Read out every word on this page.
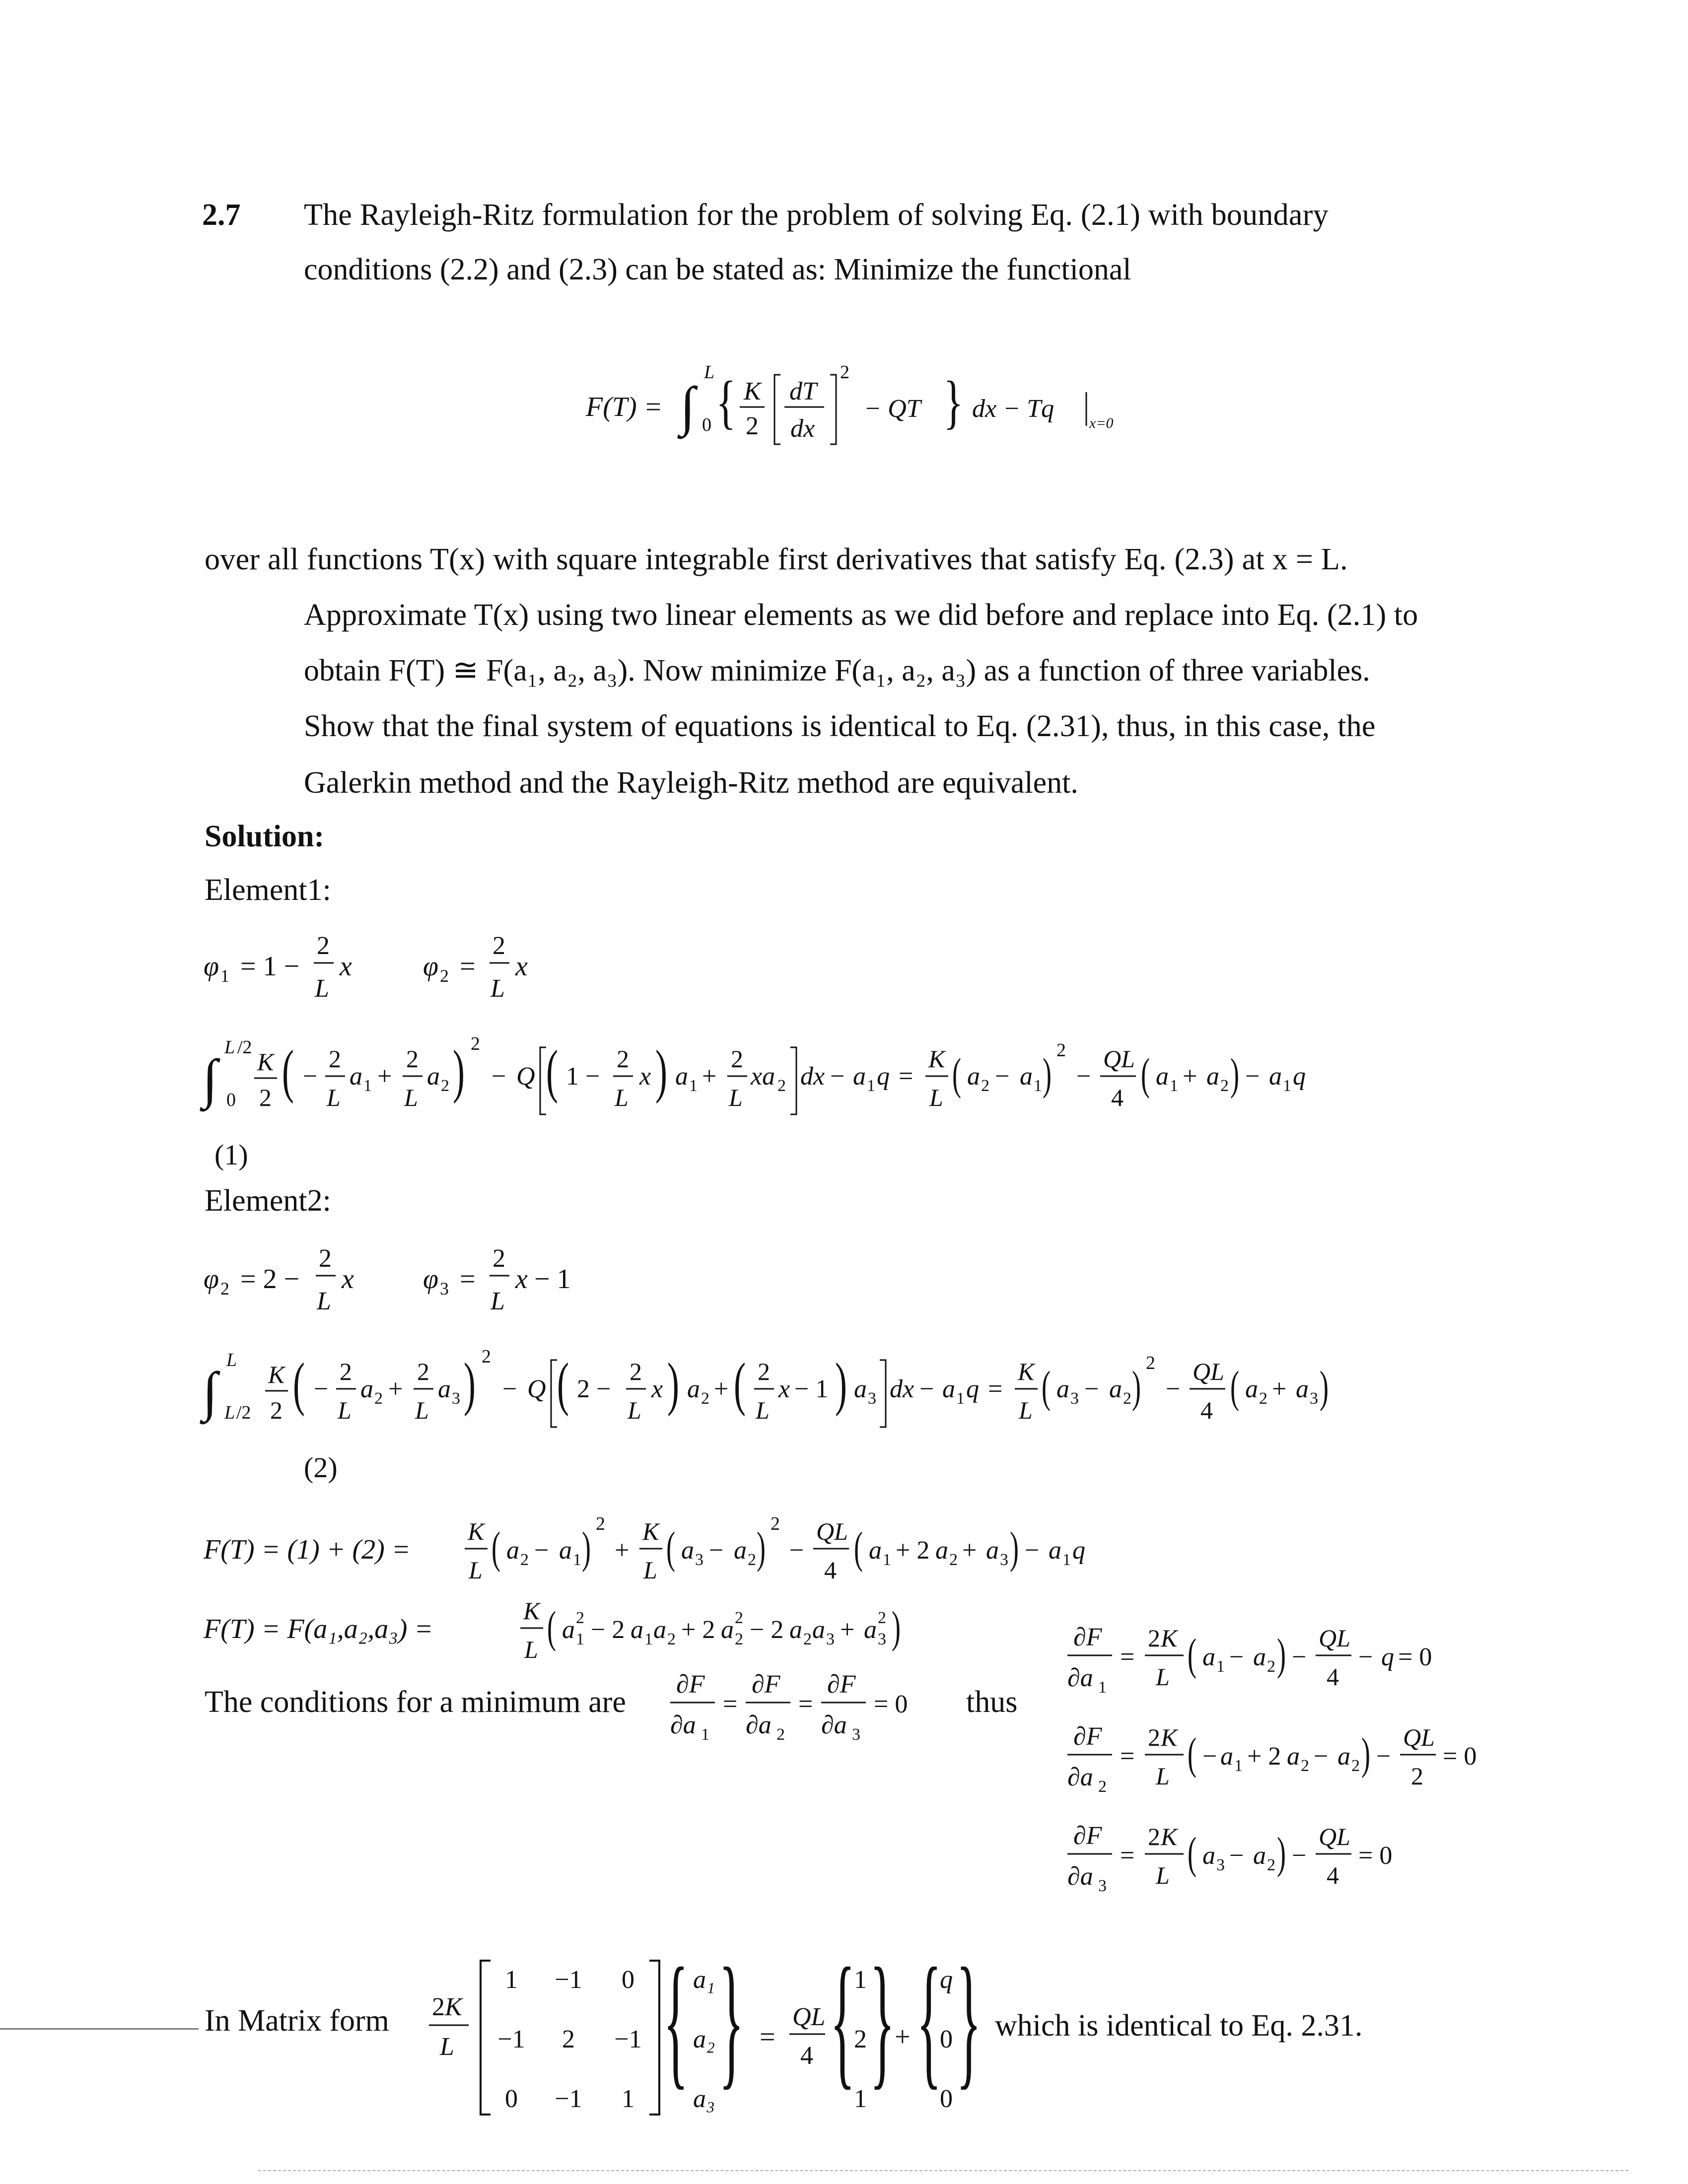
2.7 The Rayleigh-Ritz formulation for the problem of solving Eq. (2.1) with boundary
conditions (2.2) and (2.3) can be stated as: Minimize the functional
F(T) = ∫
L
0 { K
2
dT
dx
2
− QT } dx − Tq
x=0
over all functions T(x) with square integrable first derivatives that satisfy Eq. (2.3) at x = L.
Approximate T(x) using two linear elements as we did before and replace into Eq. (2.1) to
obtain F(T) ≅ F(a₁, a₂, a₃). Now minimize F(a₁, a₂, a₃) as a function of three variables.
Show that the final system of equations is identical to Eq. (2.31), thus, in this case, the
Galerkin method and the Rayleigh-Ritz method are equivalent.
Solution:
Element1:
φ 1 = 1 −
2
L
x	φ 2 =
2
L
x
∫
L /2
0
K
2 ( −
2
L
a 1 +
2
L
a 2 ) 2
− Q ( 1 −
2
L
x ) a 1 +
2
L
xa 2 dx − a 1 q =
K
L ( a 2 − a 1 ) 2
−
QL
4 ( a 1 + a 2 ) − a 1 q
(1)
Element2:
φ 2 = 2 −
2
L
x φ 3 =
2
L
x − 1
∫
L
L /2
K
2 ( −
2
L
a 2 +
2
L
a 3 ) 2
− Q ( 2 −
2
L
x ) a 2 + ( 2
L
x − 1 ) a 3 dx − a 1 q =
K
L ( a 3 − a 2 ) 2
−
QL
4 ( a 2 + a 3 )
(2)
F(T) = (1) + (2) =
K
L ( a 2 − a 1 ) 2
+
K
L ( a 3 − a 2 ) 2
−
QL
4 ( a 1 + 2 a 2 + a 3 ) − a 1 q
F(T) = F(a₁,a₂,a₃) =
K
L ( a 1
2 − 2 a 1 a 2 + 2 a 2
2 − 2 a 2 a 3 + a 3
2 )
The conditions for a minimum are
∂F
∂a 1
=
∂F
∂a 2
=
∂F
∂a 3
= 0 thus
∂F
∂a 1
=
2 K
L ( a 1 − a 2 ) −
QL
4
− q = 0
∂F
∂a 2
=
2 K
L ( − a 1 + 2 a 2 − a 2 ) −
QL
2
= 0
∂F
∂a 3
=
2 K
L ( a 3 − a 2 ) −
QL
4
= 0
In Matrix form 2 K
L { } =
QL
4 { } + { }
1 −1 0
−1 2 −1
0 −1 1
a₁
a₂
a₃
1
2
1
q
0
0
which is identical to Eq. 2.31.
